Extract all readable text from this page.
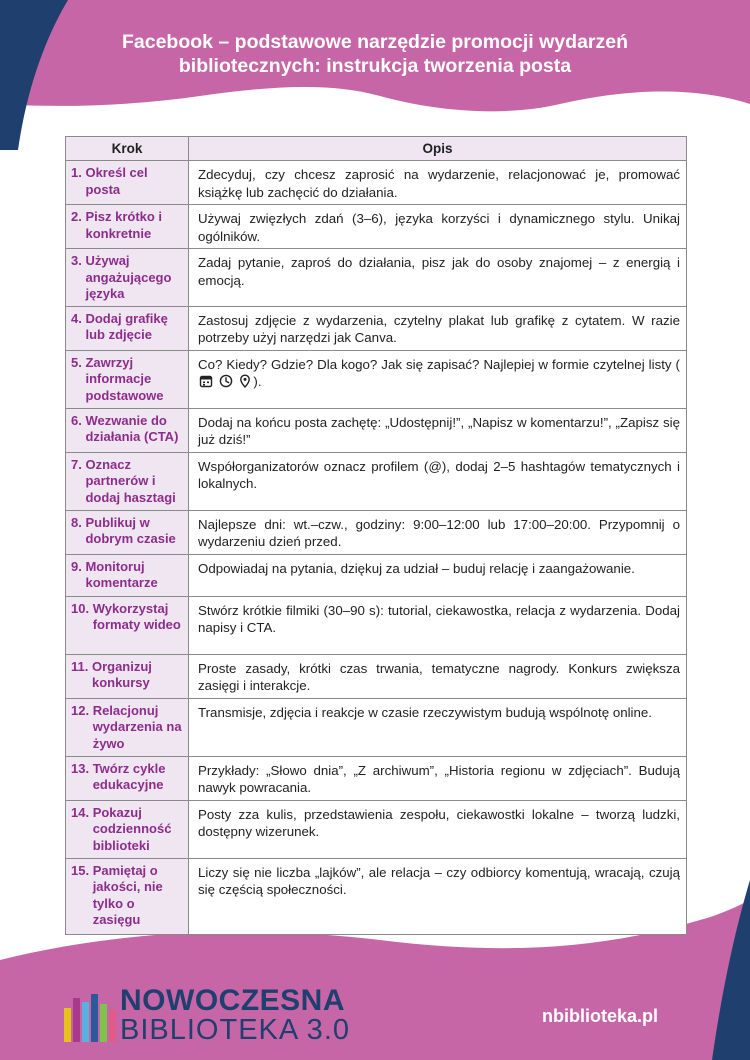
Facebook – podstawowe narzędzie promocji wydarzeń
bibliotecznych: instrukcja tworzenia posta
Krok	Opis

1. Określ cel posta	Zdecyduj, czy chcesz zaprosić na wydarzenie, relacjonować je, promować książkę lub zachęcić do działania.

2. Pisz krótko i konkretnie	Używaj zwięzłych zdań (3–6), języka korzyści i dynamicznego stylu. Unikaj ogólników.

3. Używaj angażującego języka	Zadaj pytanie, zaproś do działania, pisz jak do osoby znajomej – z energią i emocją.

4. Dodaj grafikę lub zdjęcie	Zastosuj zdjęcie z wydarzenia, czytelny plakat lub grafikę z cytatem. W razie potrzeby użyj narzędzi jak Canva.

5. Zawrzyj informacje podstawowe	Co? Kiedy? Gdzie? Dla kogo? Jak się zapisać? Najlepiej w formie czytelnej listy (  ).

6. Wezwanie do działania (CTA)	Dodaj na końcu posta zachętę: „Udostępnij!”, „Napisz w komentarzu!”, „Zapisz się już dziś!”

7. Oznacz partnerów i dodaj hasztagi	Współorganizatorów oznacz profilem (@), dodaj 2–5 hashtagów tematycznych i lokalnych.

8. Publikuj w dobrym czasie	Najlepsze dni: wt.–czw., godziny: 9:00–12:00 lub 17:00–20:00. Przypomnij o wydarzeniu dzień przed.

9. Monitoruj komentarze	Odpowiadaj na pytania, dziękuj za udział – buduj relację i zaangażowanie.

10. Wykorzystaj formaty wideo	Stwórz krótkie filmiki (30–90 s): tutorial, ciekawostka, relacja z wydarzenia. Dodaj napisy i CTA.

11. Organizuj konkursy	Proste zasady, krótki czas trwania, tematyczne nagrody. Konkurs zwiększa zasięgi i interakcje.

12. Relacjonuj wydarzenia na żywo	Transmisje, zdjęcia i reakcje w czasie rzeczywistym budują wspólnotę online.

13. Twórz cykle edukacyjne	Przykłady: „Słowo dnia”, „Z archiwum”, „Historia regionu w zdjęciach”. Budują nawyk powracania.

14. Pokazuj codzienność biblioteki	Posty zza kulis, przedstawienia zespołu, ciekawostki lokalne – tworzą ludzki, dostępny wizerunek.

15. Pamiętaj o jakości, nie tylko o zasięgu	Liczy się nie liczba „lajków”, ale relacja – czy odbiorcy komentują, wracają, czują się częścią społeczności.
NOWOCZESNA
BIBLIOTEKA 3.0	nbiblioteka.pl
